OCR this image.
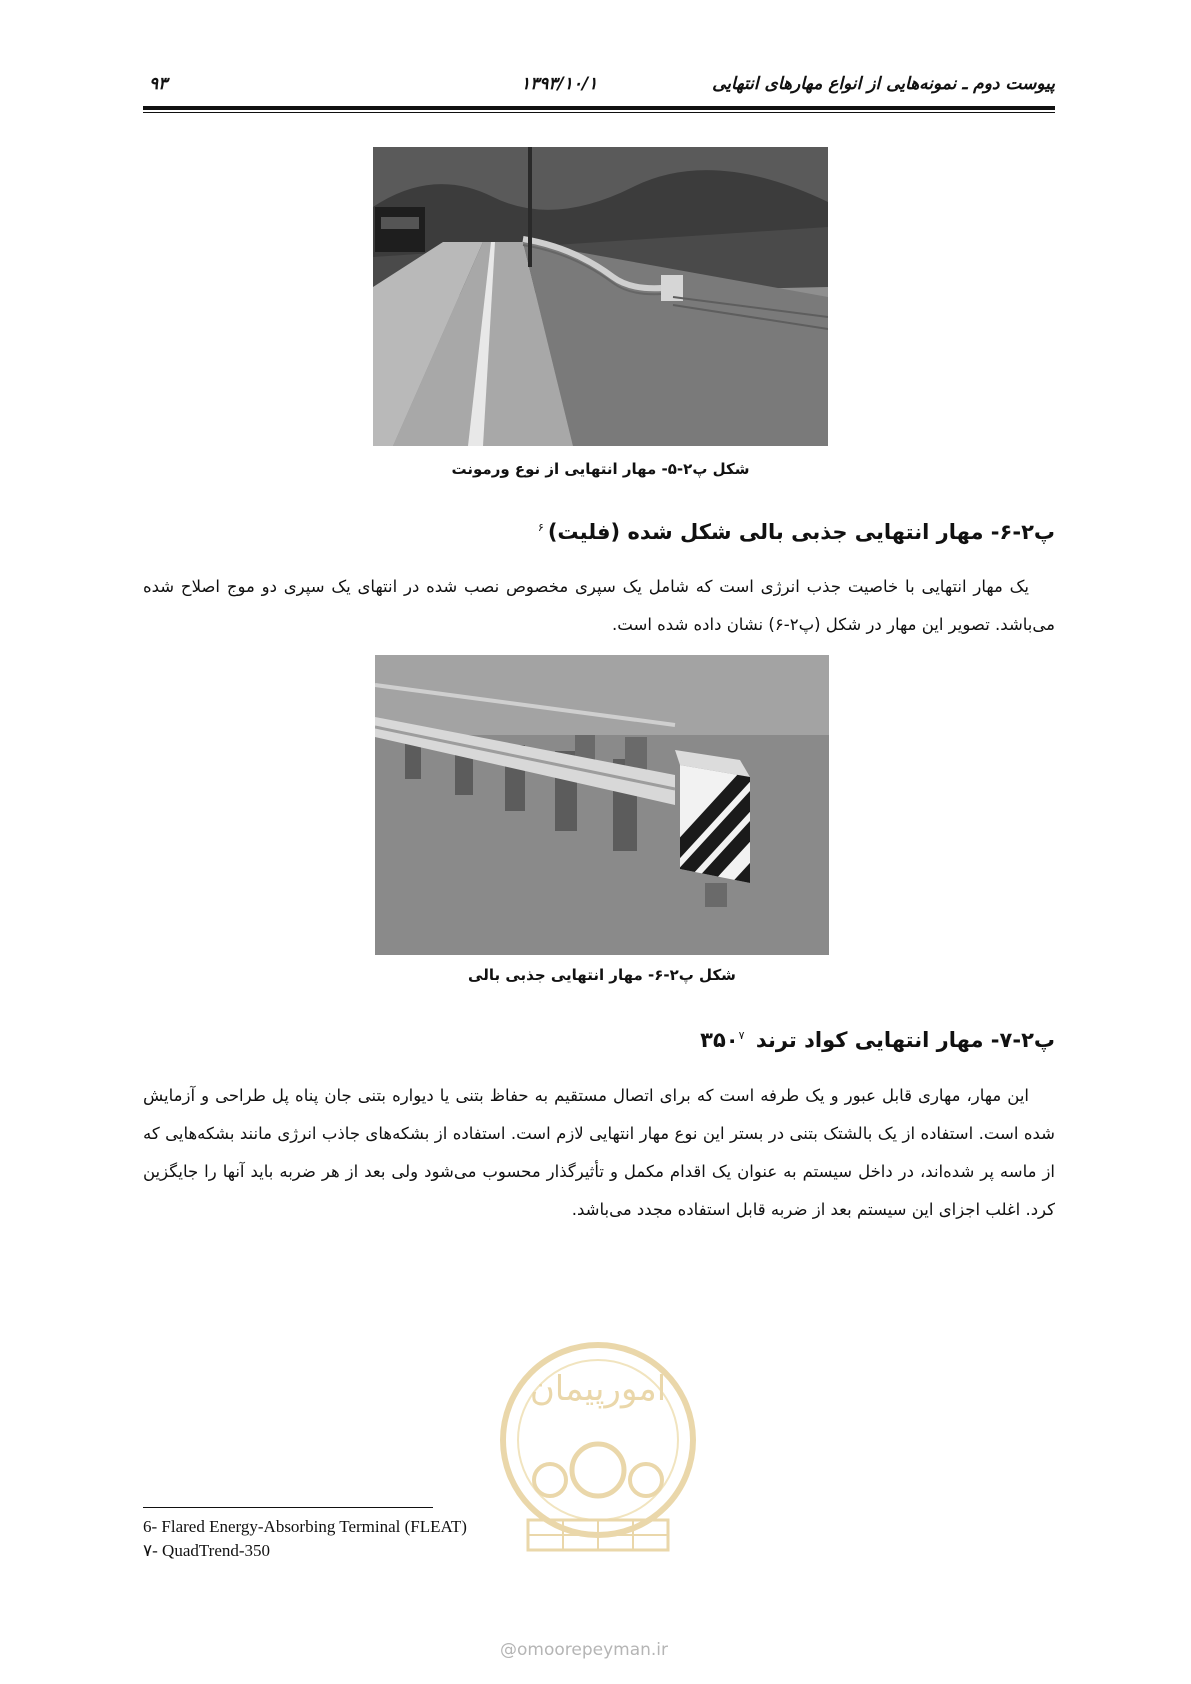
پیوست دوم ـ نمونه‌هایی از انواع مهارهای انتهایی
۱۳۹۳/۱۰/۱
۹۳
شکل پ۲-۵- مهار انتهایی از نوع ورمونت
پ۲-۶- مهار انتهایی جذبی بالی شکل شده (فلیت)$^۶$
یک مهار انتهایی با خاصیت جذب انرژی است که شامل یک سپری مخصوص نصب شده در انتهای یک سپری دو موج اصلاح شده می‌باشد. تصویر این مهار در شکل (پ۲-۶) نشان داده شده است.
شکل پ۲-۶- مهار انتهایی جذبی بالی
پ۲-۷- مهار انتهایی کواد ترند $۳۵۰^۷$
این مهار، مهاری قابل عبور و یک طرفه است که برای اتصال مستقیم به حفاظ بتنی یا دیواره بتنی جان پناه پل طراحی و آزمایش شده است. استفاده از یک بالشتک بتنی در بستر این نوع مهار انتهایی لازم است. استفاده از بشکه‌های جاذب انرژی مانند بشکه‌هایی که از ماسه پر شده‌اند، در داخل سیستم به عنوان یک اقدام مکمل و تأثیرگذار محسوب می‌شود ولی بعد از هر ضربه باید آنها را جایگزین کرد. اغلب اجزای این سیستم بعد از ضربه قابل استفاده مجدد می‌باشد.
امورپیمان
6- Flared Energy-Absorbing Terminal (FLEAT)
٧- QuadTrend-350
@omoorepeyman.ir
